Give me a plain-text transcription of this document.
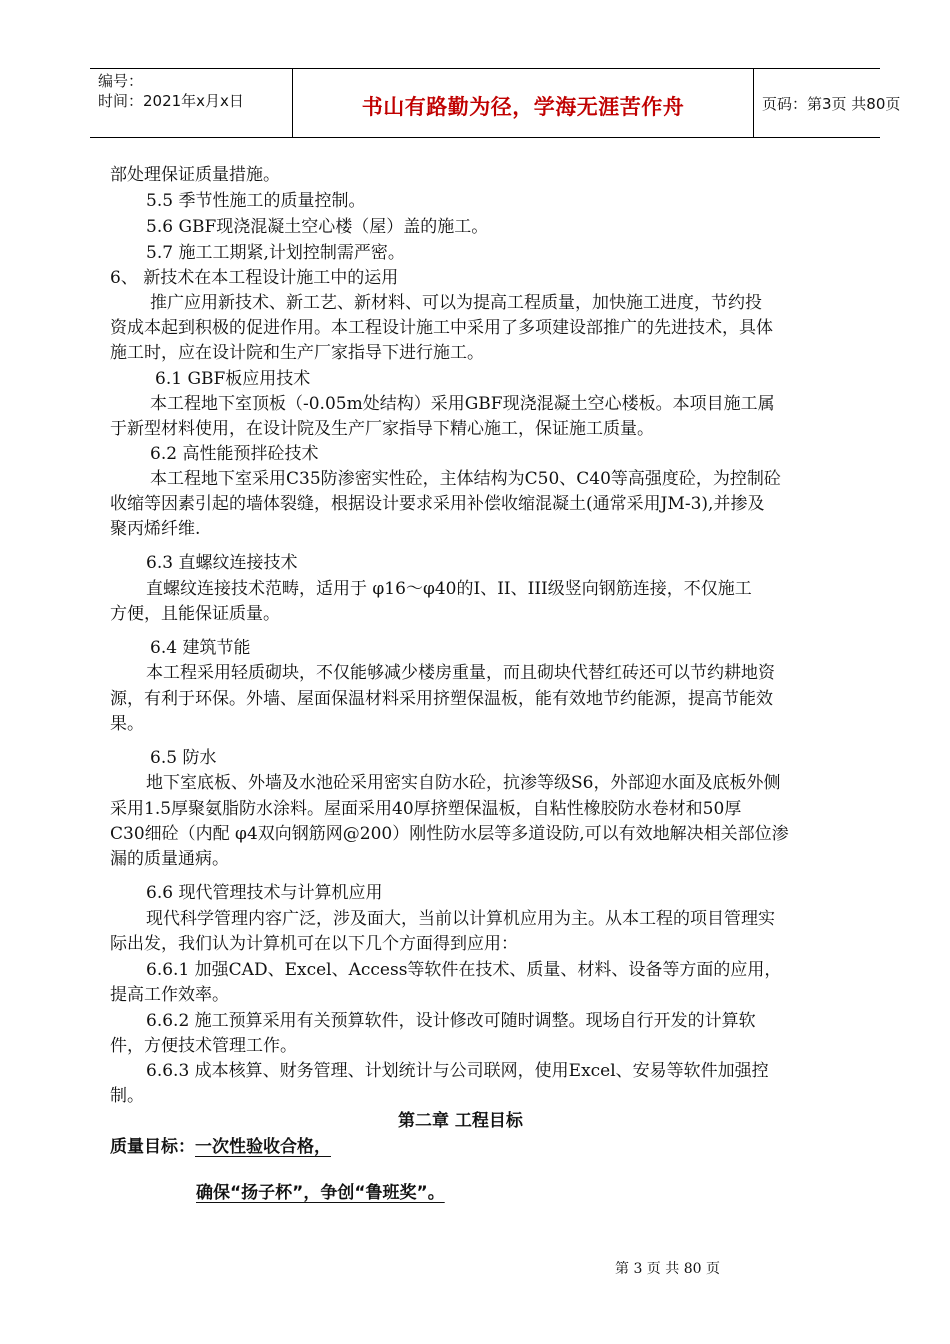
编号：
时间：2021年x月x日	书山有路勤为径，学海无涯苦作舟	页码：第3页 共80页
部处理保证质量措施。
5.5 季节性施工的质量控制。
5.6 GBF现浇混凝土空心楼（屋）盖的施工。
5.7 施工工期紧,计划控制需严密。
6、 新技术在本工程设计施工中的运用
推广应用新技术、新工艺、新材料、可以为提高工程质量，加快施工进度，节约投
资成本起到积极的促进作用。本工程设计施工中采用了多项建设部推广的先进技术，具体
施工时，应在设计院和生产厂家指导下进行施工。
6.1 GBF板应用技术
本工程地下室顶板（-0.05m处结构）采用GBF现浇混凝土空心楼板。本项目施工属
于新型材料使用，在设计院及生产厂家指导下精心施工，保证施工质量。
6.2 高性能预拌砼技术
本工程地下室采用C35防渗密实性砼，主体结构为C50、C40等高强度砼，为控制砼
收缩等因素引起的墙体裂缝，根据设计要求采用补偿收缩混凝土(通常采用JM-3),并掺及
聚丙烯纤维.
6.3 直螺纹连接技术
直螺纹连接技术范畴，适用于 φ16～φ40的I、II、III级竖向钢筋连接，不仅施工
方便，且能保证质量。
6.4 建筑节能
本工程采用轻质砌块，不仅能够减少楼房重量，而且砌块代替红砖还可以节约耕地资
源，有利于环保。外墙、屋面保温材料采用挤塑保温板，能有效地节约能源，提高节能效
果。
6.5 防水
地下室底板、外墙及水池砼采用密实自防水砼，抗渗等级S6，外部迎水面及底板外侧
采用1.5厚聚氨脂防水涂料。屋面采用40厚挤塑保温板，自粘性橡胶防水卷材和50厚
C30细砼（内配 φ4双向钢筋网@200）刚性防水层等多道设防,可以有效地解决相关部位渗
漏的质量通病。
6.6 现代管理技术与计算机应用
现代科学管理内容广泛，涉及面大，当前以计算机应用为主。从本工程的项目管理实
际出发，我们认为计算机可在以下几个方面得到应用：
6.6.1 加强CAD、Excel、Access等软件在技术、质量、材料、设备等方面的应用，
提高工作效率。
6.6.2 施工预算采用有关预算软件，设计修改可随时调整。现场自行开发的计算软
件，方便技术管理工作。
6.6.3 成本核算、财务管理、计划统计与公司联网，使用Excel、安易等软件加强控
制。
第二章 工程目标
质量目标：一次性验收合格，
确保“扬子杯”，争创“鲁班奖”。
第 3 页 共 80 页
